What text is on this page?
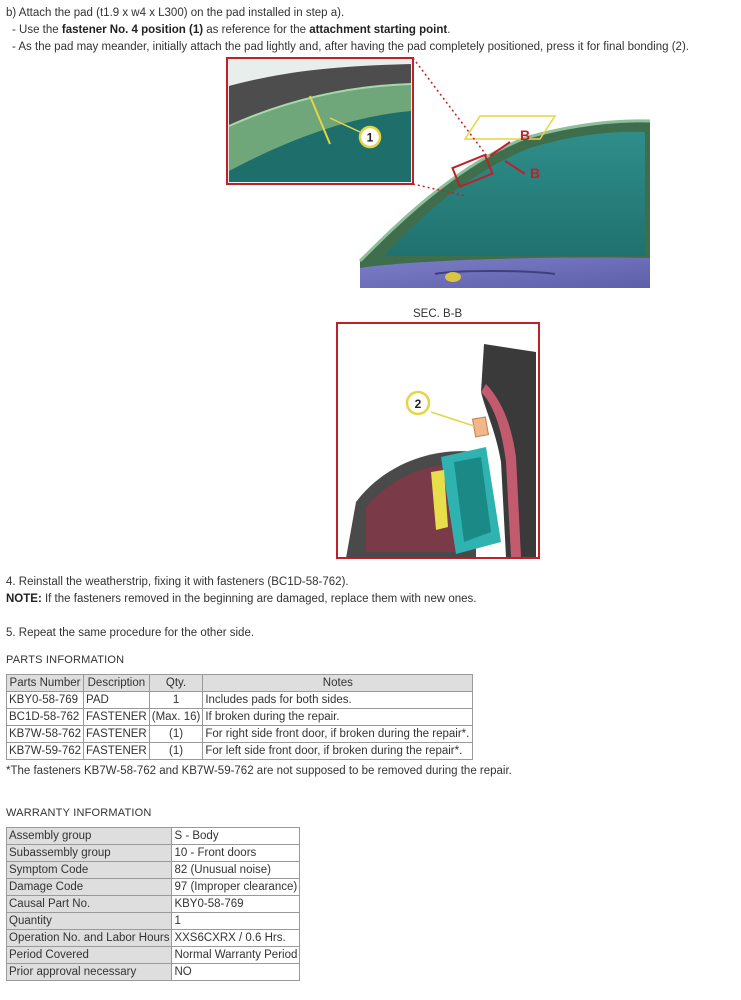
b) Attach the pad (t1.9 x w4 x L300) on the pad installed in step a).
- Use the fastener No. 4 position (1) as reference for the attachment starting point.
- As the pad may meander, initially attach the pad lightly and, after having the pad completely positioned, press it for final bonding (2).
B
B
1
SEC. B-B
2
4. Reinstall the weatherstrip, fixing it with fasteners (BC1D-58-762).
NOTE: If the fasteners removed in the beginning are damaged, replace them with new ones.
5. Repeat the same procedure for the other side.
PARTS INFORMATION
Parts Number	Description	Qty.	Notes
KBY0-58-769	PAD	1	Includes pads for both sides.
BC1D-58-762	FASTENER	(Max. 16)	If broken during the repair.
KB7W-58-762	FASTENER	(1)	For right side front door, if broken during the repair*.
KB7W-59-762	FASTENER	(1)	For left side front door, if broken during the repair*.
*The fasteners KB7W-58-762 and KB7W-59-762 are not supposed to be removed during the repair.
WARRANTY INFORMATION
Assembly group	S - Body
Subassembly group	10 - Front doors
Symptom Code	82 (Unusual noise)
Damage Code	97 (Improper clearance)
Causal Part No.	KBY0-58-769
Quantity	1
Operation No. and Labor Hours	XXS6CXRX / 0.6 Hrs.
Period Covered	Normal Warranty Period
Prior approval necessary	NO
